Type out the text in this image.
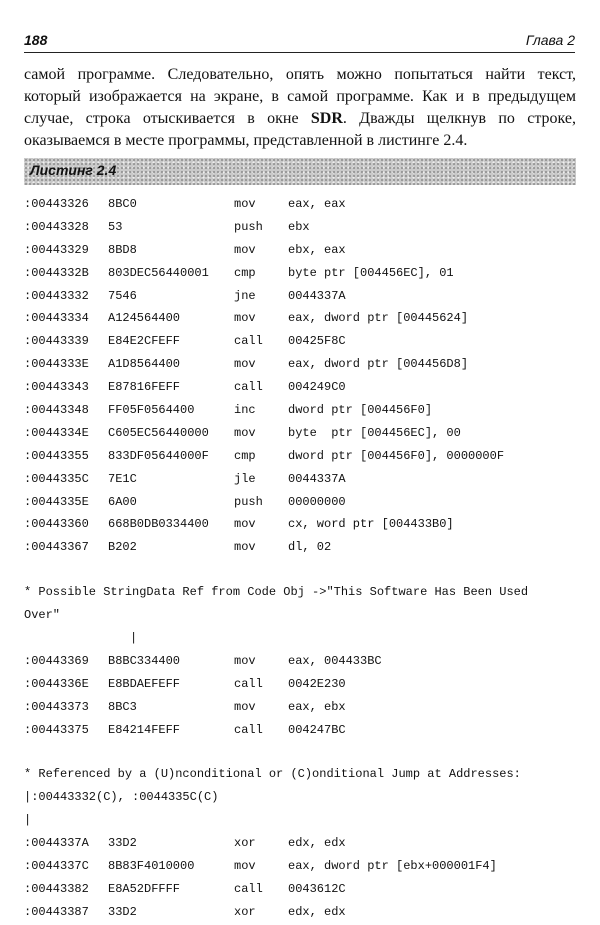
188	Глава 2

самой программе. Следовательно, опять можно попытаться найти текст, который изображается на экране, в самой программе. Как и в предыдущем случае, строка отыскивается в окне SDR. Дважды щелкнув по строке, оказываемся в месте программы, представленной в листинге 2.4.

Листинг 2.4
:00443326 8BC0	mov	eax, eax
:00443328 53	push ebx
:00443329 8BD8	mov	ebx, eax
:0044332B 803DEC56440001 cmp	byte ptr [004456EC], 01
:00443332 7546	jne	0044337A
:00443334 A124564400	mov	eax, dword ptr [00445624]
:00443339 E84E2CFEFF	call 00425F8C
:0044333E A1D8564400	mov	eax, dword ptr [004456D8]
:00443343 E87816FEFF	call 004249C0
:00443348 FF05F0564400	inc	dword ptr [004456F0]
:0044334E C605EC56440000 mov	byte  ptr [004456EC], 00
:00443355 833DF05644000F cmp	dword ptr [004456F0], 0000000F
:0044335C 7E1C	jle	0044337A
:0044335E 6A00	push 00000000
:00443360 668B0DB0334400 mov	cx, word ptr [004433B0]
:00443367 B202	mov	dl, 02
* Possible StringData Ref from Code Obj ->"This Software Has Been Used
Over"
|
:00443369 B8BC334400	mov	eax, 004433BC
:0044336E E8BDAEFEFF	call 0042E230
:00443373 8BC3	mov	eax, ebx
:00443375 E84214FEFF	call 004247BC
* Referenced by a (U)nconditional or (C)onditional Jump at Addresses:
|:00443332(C), :0044335C(C)
|
:0044337A 33D2	xor	edx, edx
:0044337C 8B83F4010000	mov	eax, dword ptr [ebx+000001F4]
:00443382 E8A52DFFFF	call 0043612C
:00443387 33D2	xor	edx, edx
